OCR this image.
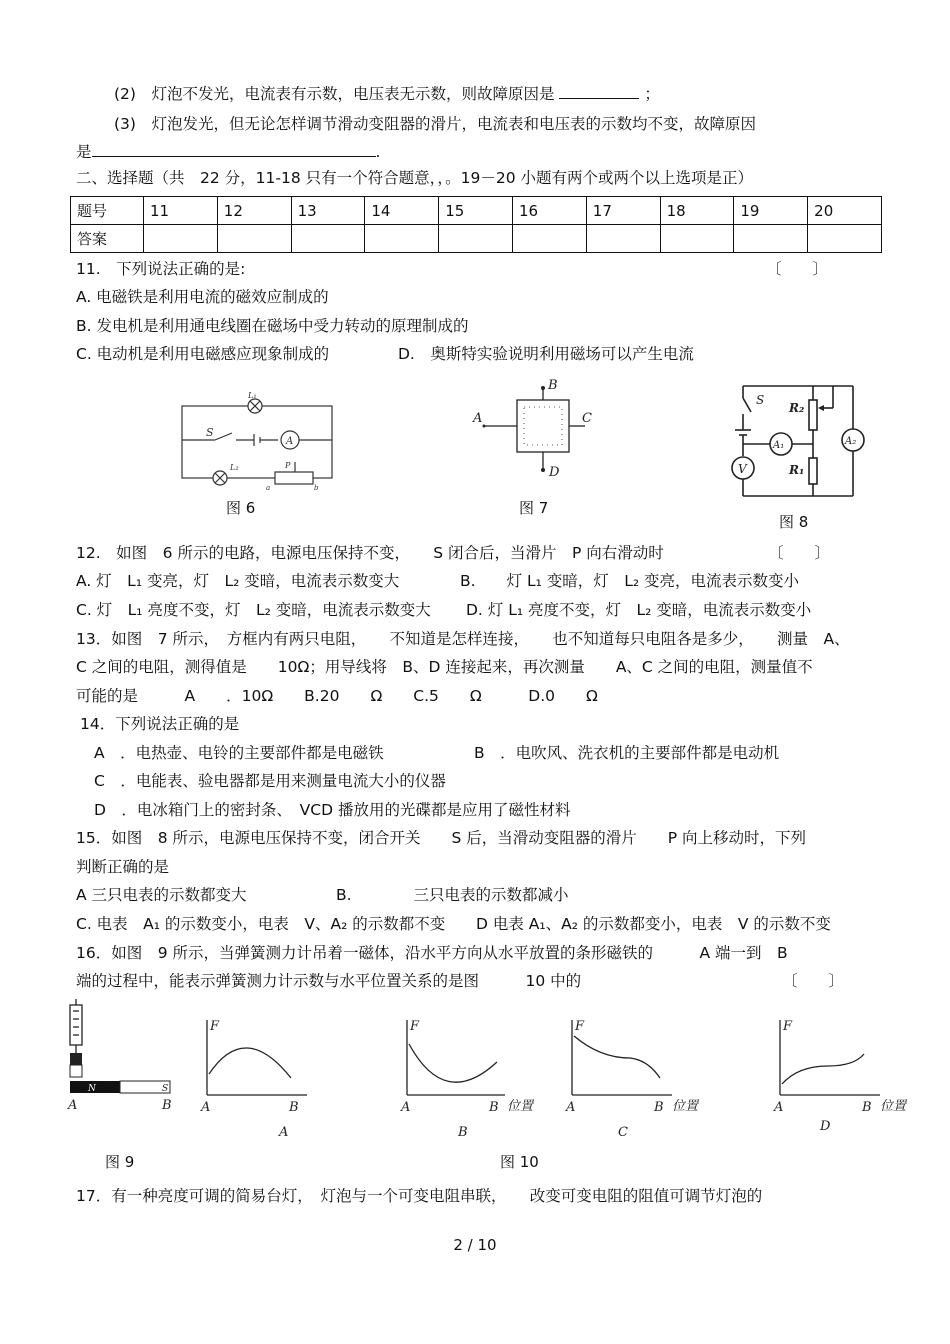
(2)　灯泡不发光，电流表有示数，电压表无示数，则故障原因是	；
(3)　灯泡发光，但无论怎样调节滑动变阻器的滑片，电流表和电压表的示数均不变，故障原因
是	.
二、选择题（共　22 分，11-18 只有一个符合题意，，。19－20 小题有两个或两个以上选项是正）
题号	11	12	13	14	15	16	17	18	19	20
答案										
11.　下列说法正确的是:	〔　　〕
A. 电磁铁是利用电流的磁效应制成的
B. 发电机是利用通电线圈在磁场中受力转动的原理制成的
C. 电动机是利用电磁感应现象制成的	D.　奥斯特实验说明利用磁场可以产生电流
L₁
S
A
L₂	P
a	b
图 6
A
B
C
D
图 7
S
R₂
R₁
A₁	A₂
V
图 8
12.　如图　6 所示的电路，电源电压保持不变，　　S 闭合后，当滑片　P 向右滑动时	〔　　〕
A. 灯　L₁ 变亮，灯　L₂ 变暗，电流表示数变大	B.　　灯 L₁ 变暗，灯　L₂ 变亮，电流表示数变小
C. 灯　L₁ 亮度不变，灯　L₂ 变暗，电流表示数变大 D. 灯 L₁ 亮度不变，灯　L₂ 变暗，电流表示数变小
13．如图　7 所示，　方框内有两只电阻，　　不知道是怎样连接，　　也不知道每只电阻各是多少，　　测量　A、
C 之间的电阻，测得值是　　10Ω；用导线将　B、D 连接起来，再次测量　　A、C 之间的电阻，测量值不
可能的是　　　A　　．10Ω　　B.20　　Ω　　C.5　　Ω　　　D.0　　Ω
14．下列说法正确的是
A　．电热壶、电铃的主要部件都是电磁铁	B　．电吹风、洗衣机的主要部件都是电动机
C　．电能表、验电器都是用来测量电流大小的仪器
D　．电冰箱门上的密封条、　VCD 播放用的光碟都是应用了磁性材料
15．如图　8 所示，电源电压保持不变，闭合开关　　S 后，当滑动变阻器的滑片　　P 向上移动时，下列
判断正确的是
A 三只电表的示数都变大	B.　　　　三只电表的示数都减小
C. 电表　A₁ 的示数变小，电表　V、A₂ 的示数都不变 D 电表 A₁、A₂ 的示数都变小，电表　V 的示数不变
16．如图　9 所示，当弹簧测力计吊着一磁体，沿水平方向从水平放置的条形磁铁的　　　A 端一到　B
端的过程中，能表示弹簧测力计示数与水平位置关系的是图　　　10 中的	〔　　〕
N	S
A	B
图 9
F
A	B
A
F
A	B 位置
B
F
A	B 位置
C
F
A	B 位置
D
图 10
17．有一种亮度可调的简易台灯，　灯泡与一个可变电阻串联，　　改变可变电阻的阻值可调节灯泡的
2 / 10
